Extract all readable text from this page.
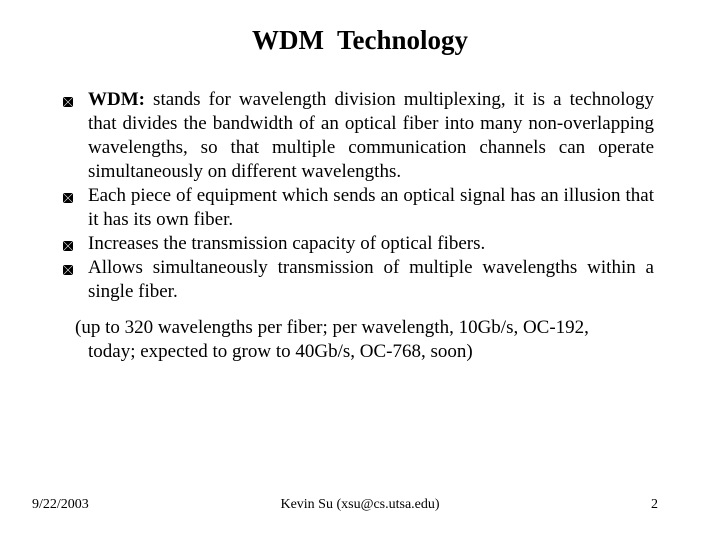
WDM  Technology
WDM: stands for wavelength division multiplexing, it is a technology that divides the bandwidth of an optical fiber into many non-overlapping wavelengths, so that multiple communication channels can operate simultaneously on different wavelengths.
Each piece of equipment which sends an optical signal has an illusion that it has its own fiber.
Increases the transmission capacity of optical fibers.
Allows simultaneously transmission of multiple wavelengths within a single fiber.
(up to 320 wavelengths per fiber; per wavelength, 10Gb/s, OC-192,
today; expected to grow to 40Gb/s, OC-768, soon)
9/22/2003	Kevin Su (xsu@cs.utsa.edu)	2
